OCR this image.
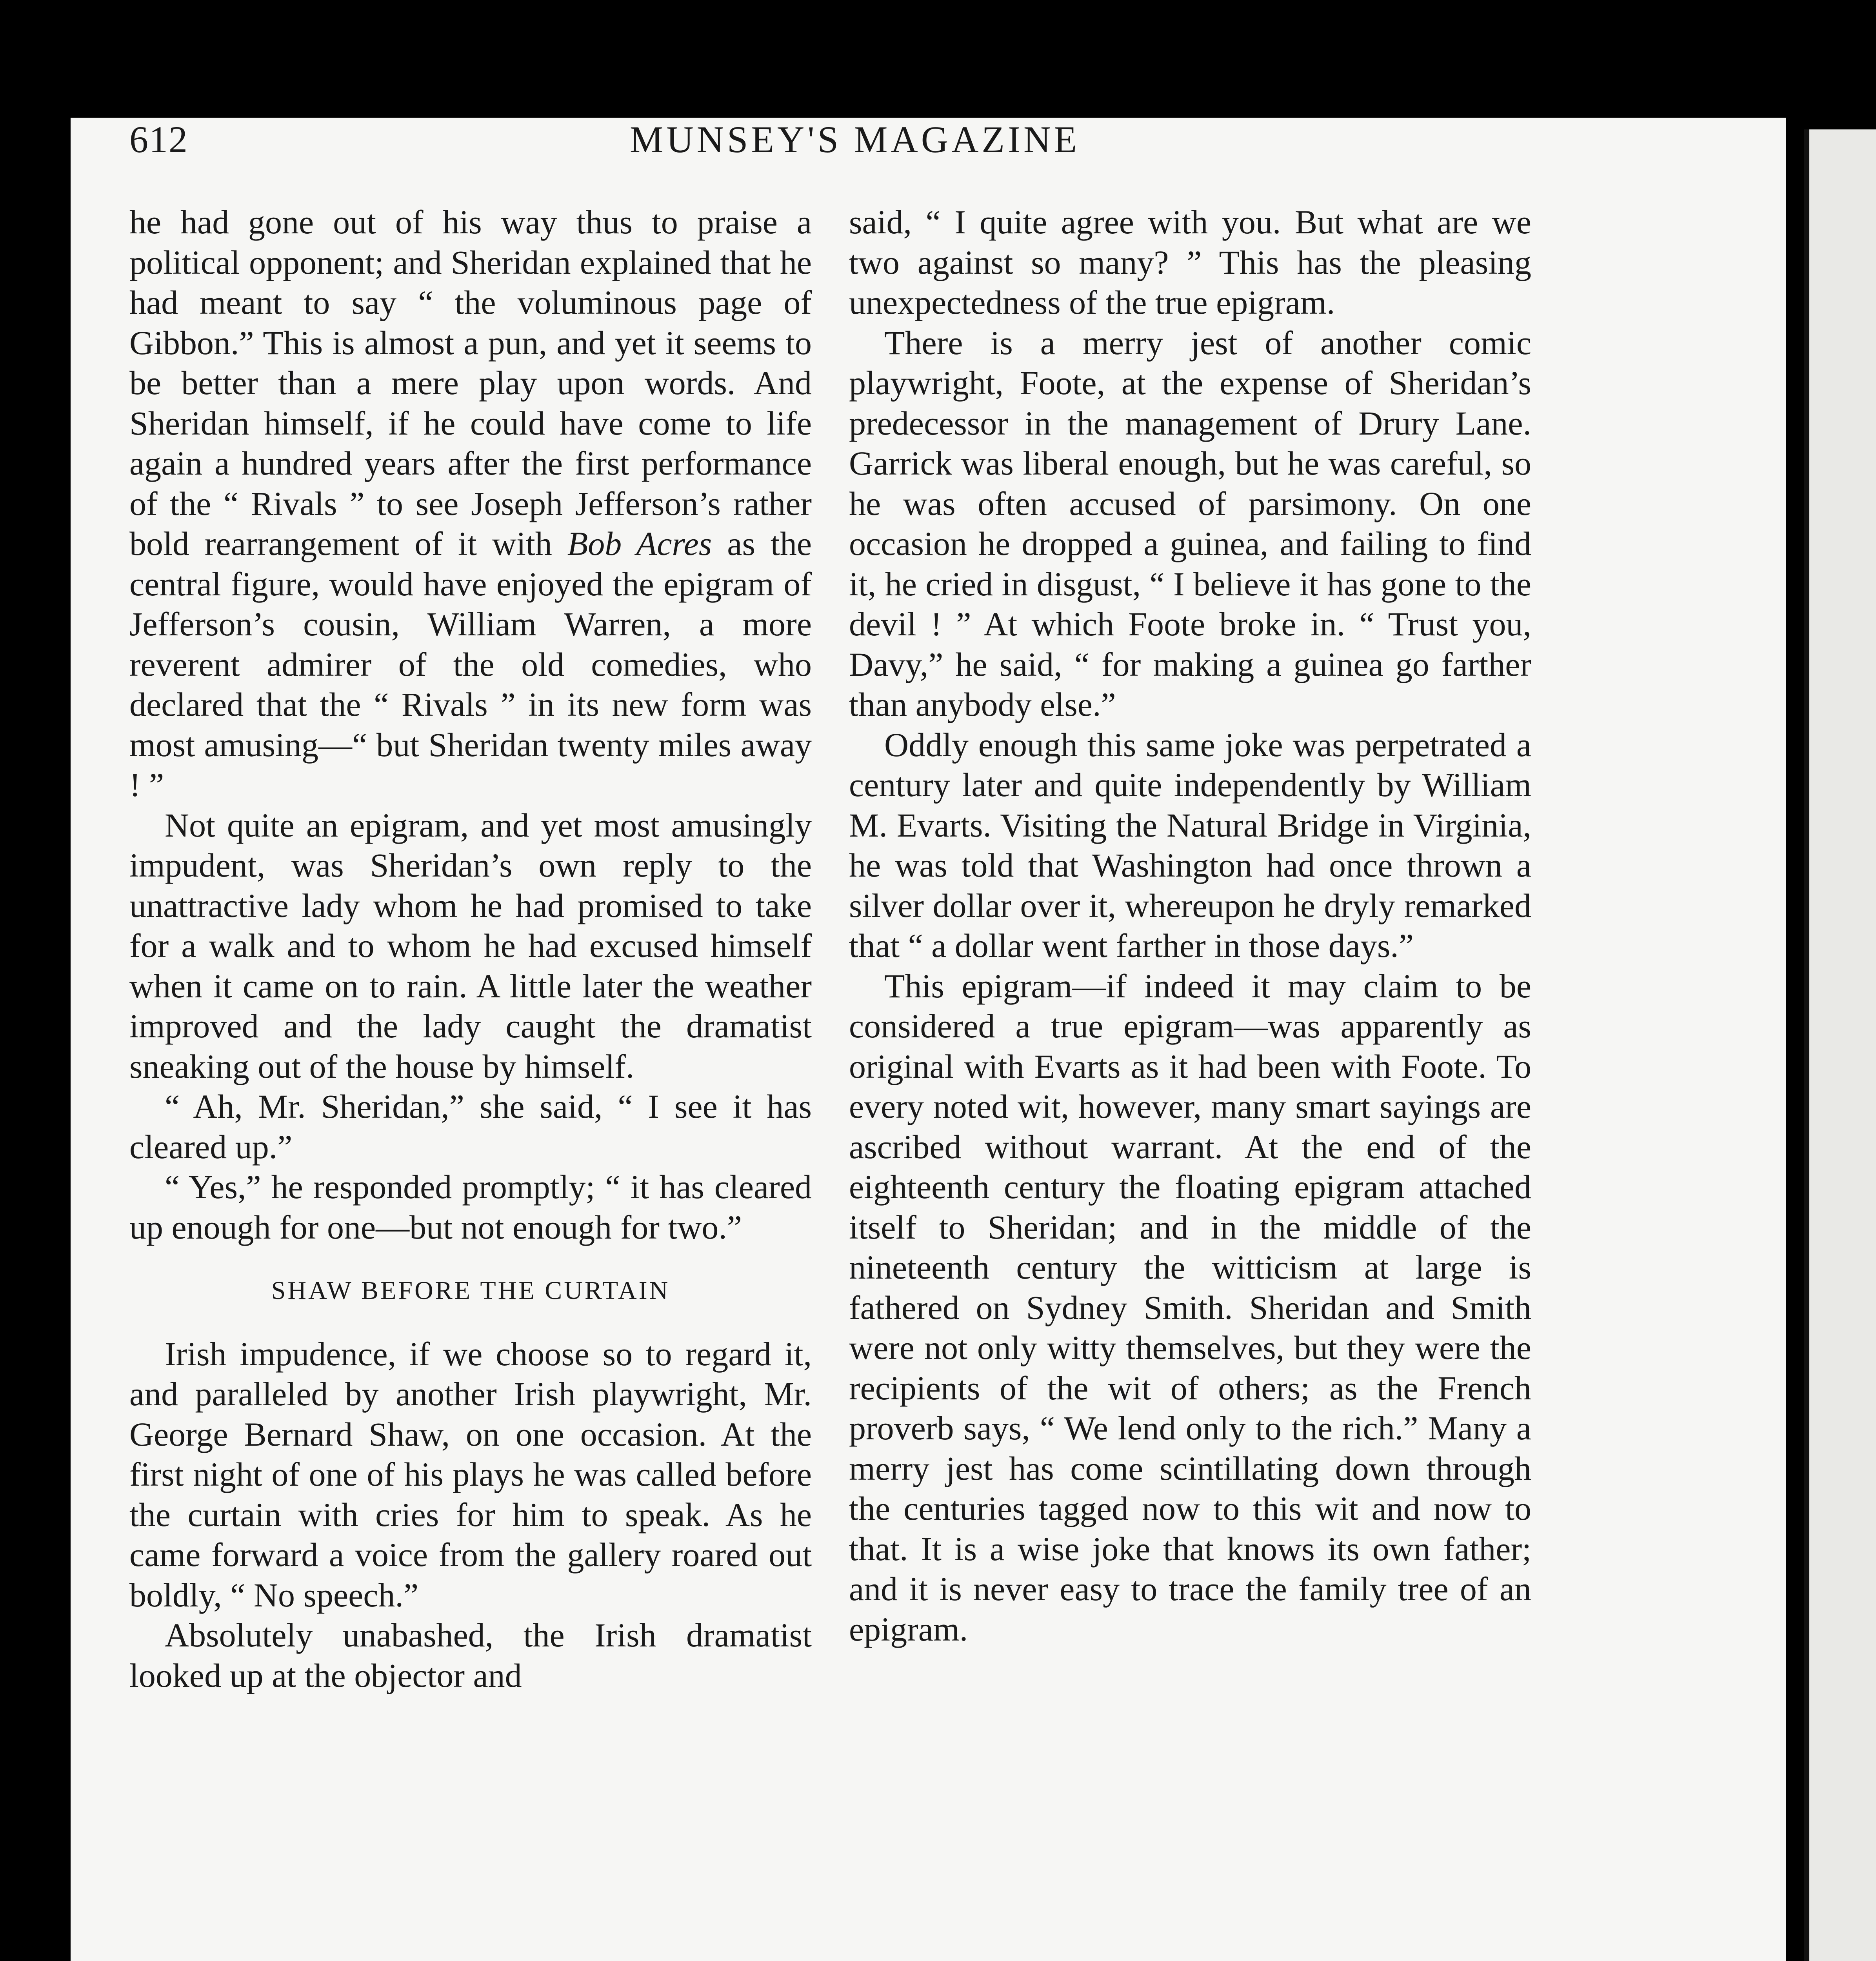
612	MUNSEY'S MAGAZINE

he had gone out of his way thus to praise a political opponent; and Sheridan explained that he had meant to say “ the voluminous page of Gibbon.” This is almost a pun, and yet it seems to be better than a mere play upon words. And Sheridan himself, if he could have come to life again a hundred years after the first performance of the “ Rivals ” to see Joseph Jefferson’s rather bold rearrangement of it with Bob Acres as the central figure, would have enjoyed the epigram of Jefferson’s cousin, William Warren, a more reverent admirer of the old comedies, who declared that the “ Rivals ” in its new form was most amusing—“ but Sheridan twenty miles away ! ”

Not quite an epigram, and yet most amusingly impudent, was Sheridan’s own reply to the unattractive lady whom he had promised to take for a walk and to whom he had excused himself when it came on to rain. A little later the weather improved and the lady caught the dramatist sneaking out of the house by himself.

“ Ah, Mr. Sheridan,” she said, “ I see it has cleared up.”

“ Yes,” he responded promptly; “ it has cleared up enough for one—but not enough for two.”

SHAW BEFORE THE CURTAIN

Irish impudence, if we choose so to regard it, and paralleled by another Irish playwright, Mr. George Bernard Shaw, on one occasion. At the first night of one of his plays he was called before the curtain with cries for him to speak. As he came forward a voice from the gallery roared out boldly, “ No speech.”

Absolutely unabashed, the Irish dramatist looked up at the objector and

said, “ I quite agree with you. But what are we two against so many? ” This has the pleasing unexpectedness of the true epigram.

There is a merry jest of another comic playwright, Foote, at the expense of Sheridan’s predecessor in the management of Drury Lane. Garrick was liberal enough, but he was careful, so he was often accused of parsimony. On one occasion he dropped a guinea, and failing to find it, he cried in disgust, “ I believe it has gone to the devil ! ” At which Foote broke in. “ Trust you, Davy,” he said, “ for making a guinea go farther than anybody else.”

Oddly enough this same joke was perpetrated a century later and quite independently by William M. Evarts. Visiting the Natural Bridge in Virginia, he was told that Washington had once thrown a silver dollar over it, whereupon he dryly remarked that “ a dollar went farther in those days.”

This epigram—if indeed it may claim to be considered a true epigram—was apparently as original with Evarts as it had been with Foote. To every noted wit, however, many smart sayings are ascribed without warrant. At the end of the eighteenth century the floating epigram attached itself to Sheridan; and in the middle of the nineteenth century the witticism at large is fathered on Sydney Smith. Sheridan and Smith were not only witty themselves, but they were the recipients of the wit of others; as the French proverb says, “ We lend only to the rich.” Many a merry jest has come scintillating down through the centuries tagged now to this wit and now to that. It is a wise joke that knows its own father; and it is never easy to trace the family tree of an epigram.
